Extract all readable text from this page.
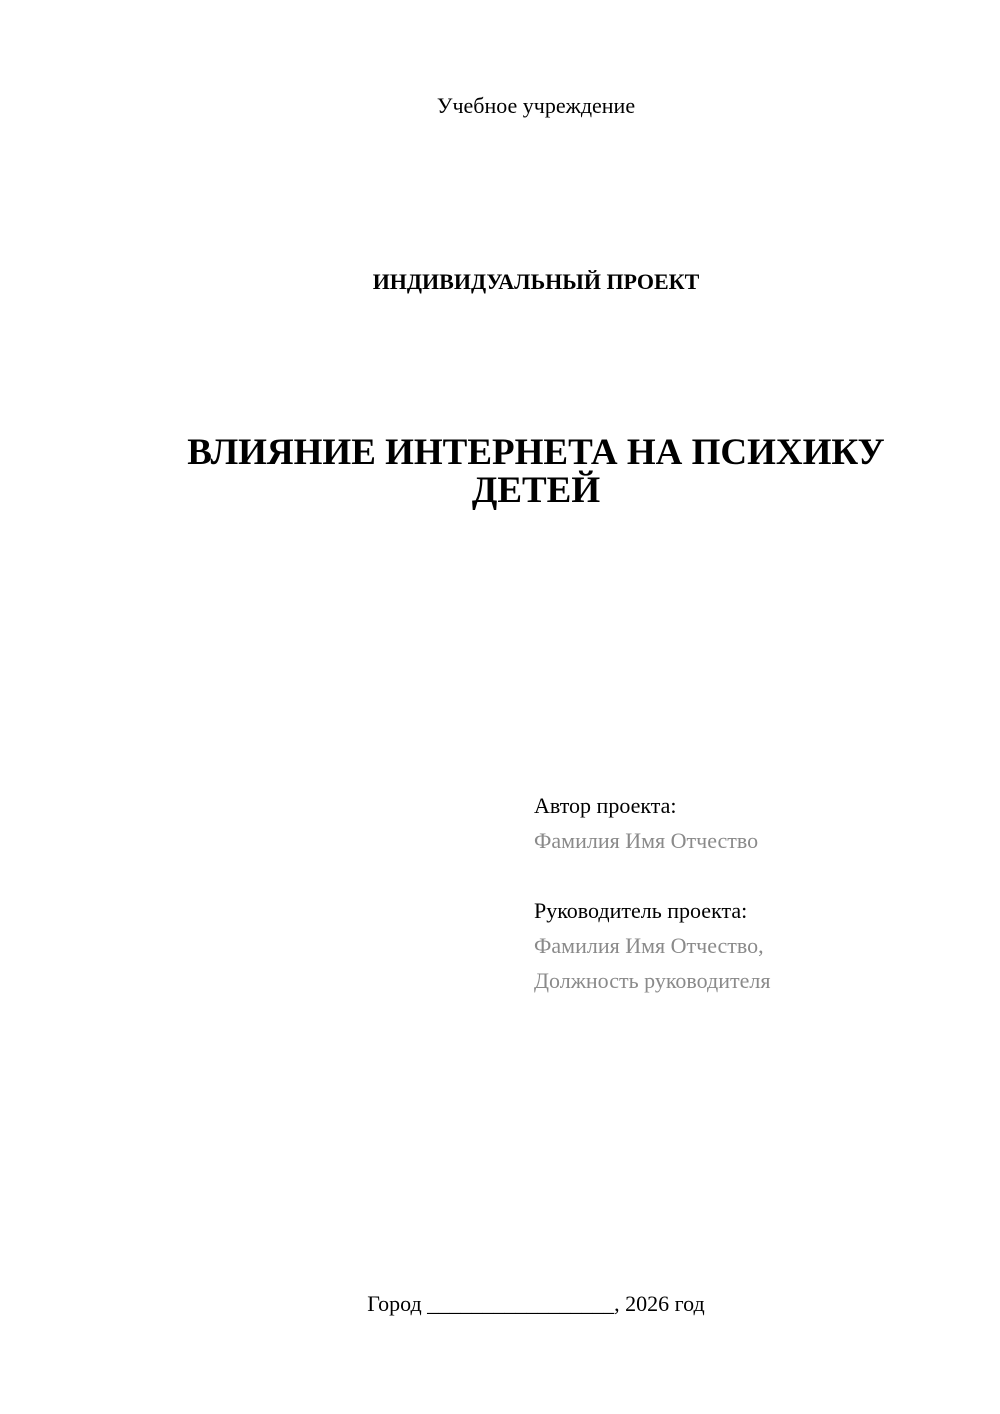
Учебное учреждение
ИНДИВИДУАЛЬНЫЙ ПРОЕКТ
ВЛИЯНИЕ ИНТЕРНЕТА НА ПСИХИКУ
ДЕТЕЙ
Автор проекта:
Фамилия Имя Отчество
Руководитель проекта:
Фамилия Имя Отчество,
Должность руководителя
Город _________________, 2026 год
